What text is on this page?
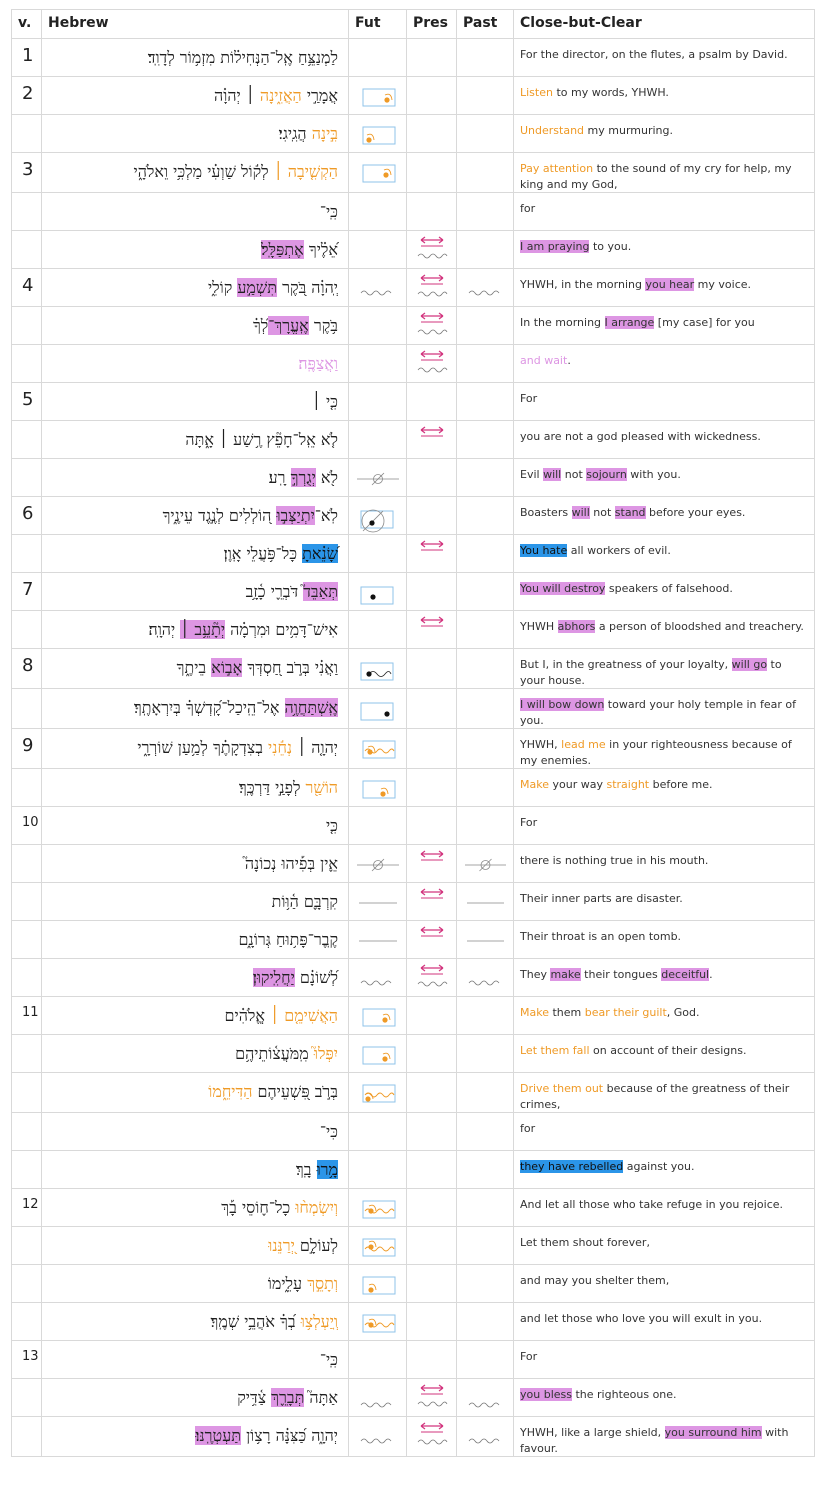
v.	Hebrew	Fut	Pres	Past	Close-but-Clear
1	לַמְנַצֵּ֥חַ אֶֽל־הַנְּחִיל֗וֹת מִזְמ֥וֹר לְדָוִֽד׃				For the director, on the flutes, a psalm by David.
2	אֲמָרַ֣י הַאֲזִ֑ינָה ׀ יְהוָ֗ה				Listen to my words, YHWH.
	בִּ֣ינָה הֲגִֽיגִי׃				Understand my murmuring.
3	הַקְשִׁ֤יבָה ׀ לְק֬וֹל שַׁוְעִ֗י מַלְכִּ֥י וֵאלֹהָ֑י				Pay attention to the sound of my cry for help, my king and my God,
	כִּֽי־				for
	אֵ֝לֶ֗יךָ אֶתְפַּלָּֽל׃				I am praying to you.
4	יְֽהוָ֗ה בֹּ֭קֶר תִּשְׁמַ֣ע קוֹלִ֑י				YHWH, in the morning you hear my voice.
	בֹּ֥קֶר אֶֽעֱרָךְ־לְ֝ךָ֗				In the morning I arrange [my case] for you
	וַאֲצַפֶּֽה׃				and wait.
5	כִּ֤י ׀				For
	לֹ֤א אֵֽל־חָפֵ֘ץ רֶ֥שַׁע ׀ אָ֑תָּה				you are not a god pleased with wickedness.
	לֹ֖א יְגֻרְךָ֣ רָֽע׃				Evil will not sojourn with you.
6	לֹֽא־יִתְיַצְּב֣וּ ה֭וֹלְלִים לְנֶ֣גֶד עֵינֶ֑יךָ				Boasters will not stand before your eyes.
	שָׂ֝נֵ֗אתָ כָּל־פֹּ֥עֲלֵי אָֽוֶן׃				You hate all workers of evil.
7	תְּאַבֵּד֮ דֹּבְרֵ֪י כָ֫זָ֥ב				You will destroy speakers of falsehood.
	אִישׁ־דָּמִ֥ים וּמִרְמָ֗ה יְתָ֘עֵ֥ב ׀ יְהוָֽה׃				YHWH abhors a person of bloodshed and treachery.
8	וַאֲנִ֗י בְּרֹ֣ב חַ֭סְדְּךָ אָב֣וֹא בֵיתֶ֑ךָ				But I, in the greatness of your loyalty, will go to your house.
	אֶֽשְׁתַּחֲוֶ֥ה אֶל־הֵֽיכַל־קָ֝דְשְׁךָ֗ בְּיִרְאָתֶֽךָ׃				I will bow down toward your holy temple in fear of you.
9	יְהוָ֤ה ׀ נְחֵ֬נִי בְצִדְקָתֶ֗ךָ לְמַ֥עַן שׁוֹרְרָ֑י				YHWH, lead me in your righteousness because of my enemies.
	הוֹשַׁ֖ר לְפָנַ֣י דַּרְכֶּֽךָ׃				Make your way straight before me.
10	כִּ֤י				For
	אֵ֪ין בְּפִ֡יהוּ נְכוֹנָה֮				there is nothing true in his mouth.
	קִרְבָּ֪ם הַ֫וּ֥וֹת				Their inner parts are disaster.
	קֶֽבֶר־פָּת֥וּחַ גְּרוֹנָ֑ם				Their throat is an open tomb.
	לְ֝שׁוֹנָ֗ם יַחֲלִֽיקוּן׃				They make their tongues deceitful.
11	הַאֲשִׁימֵ֤ם ׀ אֱֽלֹהִ֗ים				Make them bear their guilt, God.
	יִפְּלוּ֮ מִֽמֹּעֲצ֫וֹתֵיהֶ֥ם				Let them fall on account of their designs.
	בְּרֹ֣ב פִּ֭שְׁעֵיהֶם הַדִּיחֵ֑מוֹ				Drive them out because of the greatness of their crimes,
	כִּי־				for
	מָ֥רוּ בָֽךְ׃				they have rebelled against you.
12	וְיִשְׂמְח֨וּ כָל־ח֪וֹסֵי בָ֡ךְ				And let all those who take refuge in you rejoice.
	לְעוֹלָ֣ם יְ֭רַנֵּנוּ				Let them shout forever,
	וְתָסֵ֣ךְ עָלֵ֑ימוֹ				and may you shelter them,
	וְֽיַעְלְצ֥וּ בְ֝ךָ֗ אֹהֲבֵ֥י שְׁמֶֽךָ׃				and let those who love you will exult in you.
13	כִּֽי־				For
	אַתָּה֮ תְּבָרֵ֪ךְ צַ֫דִּ֥יק				you bless the righteous one.
	יְהוָ֑ה כַּ֝צִּנָּ֗ה רָצ֥וֹן תַּעְטְרֶֽנּוּ׃				YHWH, like a large shield, you surround him with favour.
